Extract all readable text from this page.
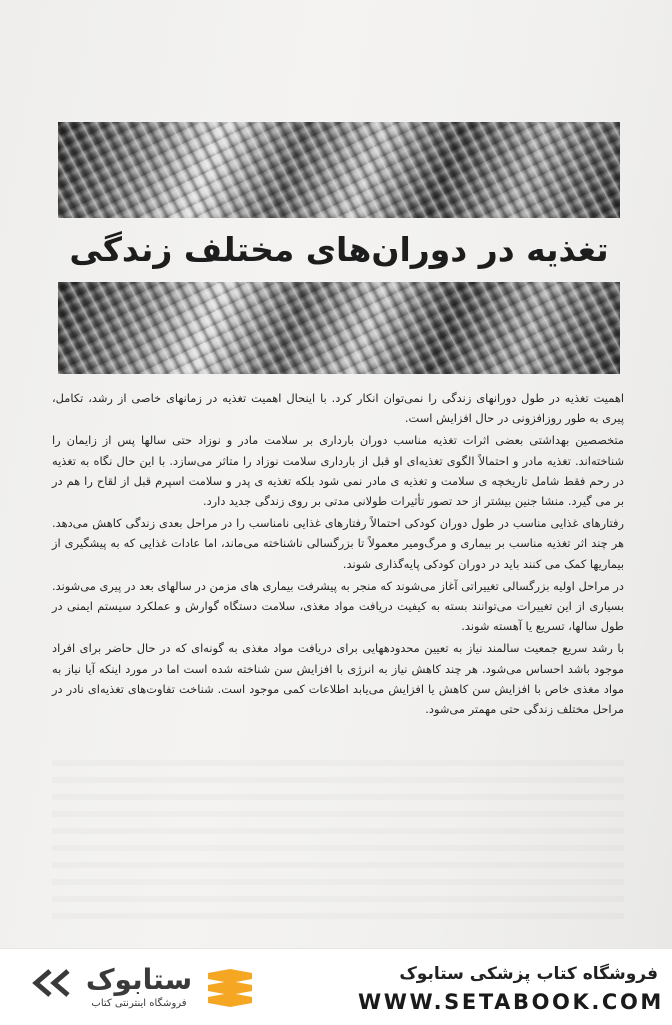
تغذیه در دوران‌های مختلف زندگی

اهمیت تغذیه در طول دورانهای زندگی را نمی‌توان انکار کرد. با اینحال اهمیت تغذیه در زمانهای خاصی از رشد، تکامل، پیری به طور روزافزونی در حال افزایش است.

متخصصین بهداشتی بعضی اثرات تغذیه مناسب دوران بارداری بر سلامت مادر و نوزاد حتی سالها پس از زایمان را شناخته‌اند. تغذیه مادر و احتمالاً الگوی تغذیه‌ای او قبل از بارداری سلامت نوزاد را متاثر می‌سازد. با این حال نگاه به تغذیه در رحم فقط شامل تاریخچه ی سلامت و تغذیه ی مادر نمی شود بلکه تغذیه ی پدر و سلامت اسپرم قبل از لقاح را هم در بر می گیرد. منشا جنین بیشتر از حد تصور تأثیرات طولانی مدتی بر روی زندگی جدید دارد.

رفتارهای غذایی مناسب در طول دوران کودکی احتمالاً رفتارهای غذایی نامناسب را در مراحل بعدی زندگی کاهش می‌دهد. هر چند اثر تغذیه مناسب بر بیماری و مرگ‌ومیر معمولاً تا بزرگسالی ناشناخته می‌ماند، اما عادات غذایی که به پیشگیری از بیماریها کمک می کنند باید در دوران کودکی پایه‌گذاری شوند.

در مراحل اولیه بزرگسالی تغییراتی آغاز می‌شوند که منجر به پیشرفت بیماری های مزمن در سالهای بعد در پیری می‌شوند. بسیاری از این تغییرات می‌توانند بسته به کیفیت دریافت مواد مغذی، سلامت دستگاه گوارش و عملکرد سیستم ایمنی در طول سالها، تسریع یا آهسته شوند.

با رشد سریع جمعیت سالمند نیاز به تعیین محدودههایی برای دریافت مواد مغذی به گونه‌ای که در حال حاضر برای افراد موجود باشد احساس می‌شود. هر چند کاهش نیاز به انرژی با افزایش سن شناخته شده است اما در مورد اینکه آیا نیاز به مواد مغذی خاص با افزایش سن کاهش یا افزایش می‌یابد اطلاعات کمی موجود است. شناخت تفاوت‌های تغذیه‌ای نادر در مراحل مختلف زندگی حتی مهمتر می‌شود.

ستابوک
فروشگاه اینترنتی کتاب
فروشگاه کتاب پزشکی ستابوک
WWW.SETABOOK.COM
